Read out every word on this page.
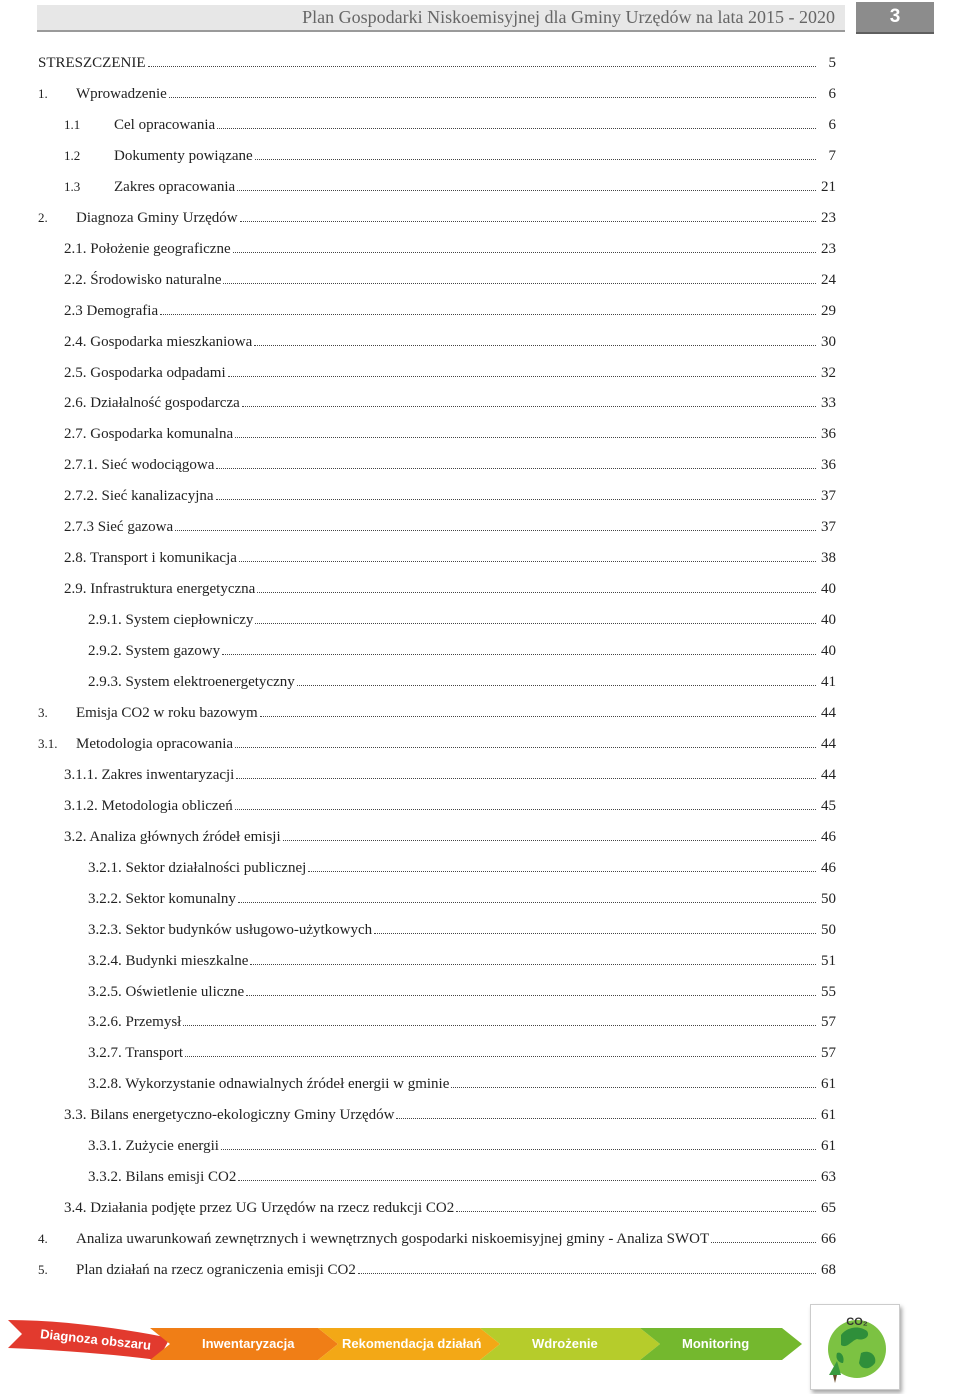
Plan Gospodarki Niskoemisyjnej dla Gminy Urzędów na lata 2015 - 2020	3
STRESZCZENIE	5
1.	Wprowadzenie	6
1.1	Cel opracowania	6
1.2	Dokumenty powiązane	7
1.3	Zakres opracowania	21
2.	Diagnoza Gminy Urzędów	23
2.1. Położenie geograficzne	23
2.2. Środowisko naturalne	24
2.3 Demografia	29
2.4. Gospodarka mieszkaniowa	30
2.5. Gospodarka odpadami	32
2.6. Działalność gospodarcza	33
2.7. Gospodarka komunalna	36
2.7.1. Sieć wodociągowa	36
2.7.2. Sieć kanalizacyjna	37
2.7.3 Sieć gazowa	37
2.8. Transport i komunikacja	38
2.9. Infrastruktura energetyczna	40
2.9.1. System ciepłowniczy	40
2.9.2. System gazowy	40
2.9.3. System elektroenergetyczny	41
3.	Emisja CO2 w roku bazowym	44
3.1.	Metodologia opracowania	44
3.1.1. Zakres inwentaryzacji	44
3.1.2. Metodologia obliczeń	45
3.2. Analiza głównych źródeł emisji	46
3.2.1. Sektor działalności publicznej	46
3.2.2. Sektor komunalny	50
3.2.3. Sektor budynków usługowo-użytkowych	50
3.2.4. Budynki mieszkalne	51
3.2.5. Oświetlenie uliczne	55
3.2.6. Przemysł	57
3.2.7. Transport	57
3.2.8. Wykorzystanie odnawialnych źródeł energii w gminie	61
3.3. Bilans energetyczno-ekologiczny Gminy Urzędów	61
3.3.1. Zużycie energii	61
3.3.2. Bilans emisji CO2	63
3.4. Działania podjęte przez UG Urzędów na rzecz redukcji CO2	65
4.	Analiza uwarunkowań zewnętrznych i wewnętrznych gospodarki niskoemisyjnej gminy - Analiza SWOT	66
5.	Plan działań na rzecz ograniczenia emisji CO2	68
Diagnoza obszaru	Inwentaryzacja	Rekomendacja działań	Wdrożenie	Monitoring
CO₂
